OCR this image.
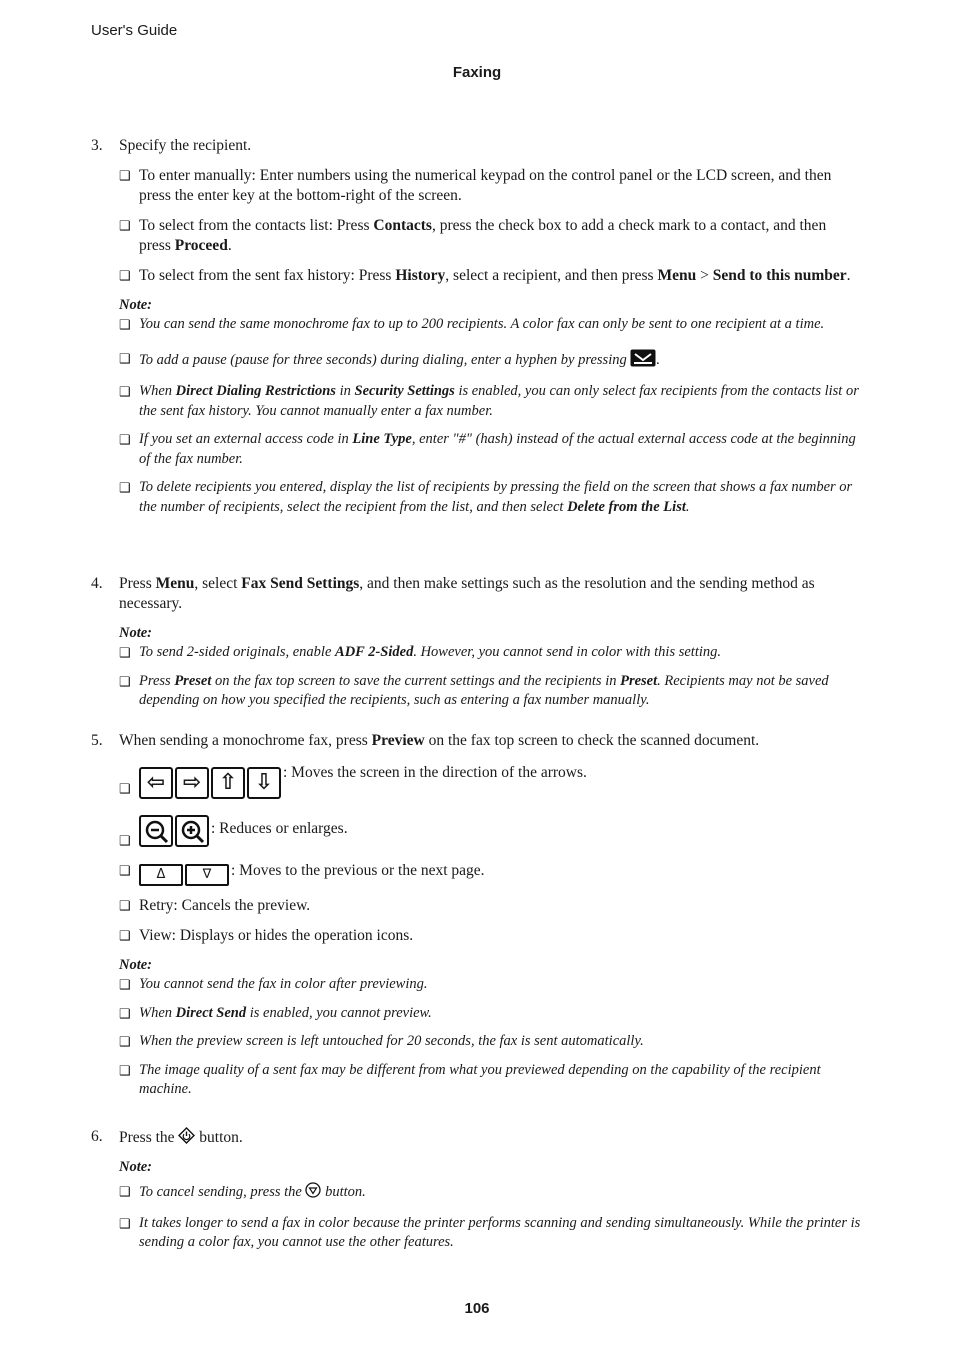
User's Guide
Faxing
3. Specify the recipient.
❑ To enter manually: Enter numbers using the numerical keypad on the control panel or the LCD screen, and then press the enter key at the bottom-right of the screen.
❑ To select from the contacts list: Press Contacts, press the check box to add a check mark to a contact, and then press Proceed.
❑ To select from the sent fax history: Press History, select a recipient, and then press Menu > Send to this number.
Note:
❑ You can send the same monochrome fax to up to 200 recipients. A color fax can only be sent to one recipient at a time.
❑ To add a pause (pause for three seconds) during dialing, enter a hyphen by pressing .
❑ When Direct Dialing Restrictions in Security Settings is enabled, you can only select fax recipients from the contacts list or the sent fax history. You cannot manually enter a fax number.
❑ If you set an external access code in Line Type, enter "#" (hash) instead of the actual external access code at the beginning of the fax number.
❑ To delete recipients you entered, display the list of recipients by pressing the field on the screen that shows a fax number or the number of recipients, select the recipient from the list, and then select Delete from the List.
4. Press Menu, select Fax Send Settings, and then make settings such as the resolution and the sending method as necessary.
Note:
❑ To send 2-sided originals, enable ADF 2-Sided. However, you cannot send in color with this setting.
❑ Press Preset on the fax top screen to save the current settings and the recipients in Preset. Recipients may not be saved depending on how you specified the recipients, such as entering a fax number manually.
5. When sending a monochrome fax, press Preview on the fax top screen to check the scanned document.
❑ ⇦ ⇨ ⇧ ⇩ : Moves the screen in the direction of the arrows.
❑
: Reduces or enlarges.
❑ Δ	∇ : Moves to the previous or the next page.
❑ Retry: Cancels the preview.
❑ View: Displays or hides the operation icons.
Note:
❑ You cannot send the fax in color after previewing.
❑ When Direct Send is enabled, you cannot preview.
❑ When the preview screen is left untouched for 20 seconds, the fax is sent automatically.
❑ The image quality of a sent fax may be different from what you previewed depending on the capability of the recipient machine.
6. Press the  button.
Note:
❑ To cancel sending, press the  button.
❑ It takes longer to send a fax in color because the printer performs scanning and sending simultaneously. While the printer is sending a color fax, you cannot use the other features.
106
